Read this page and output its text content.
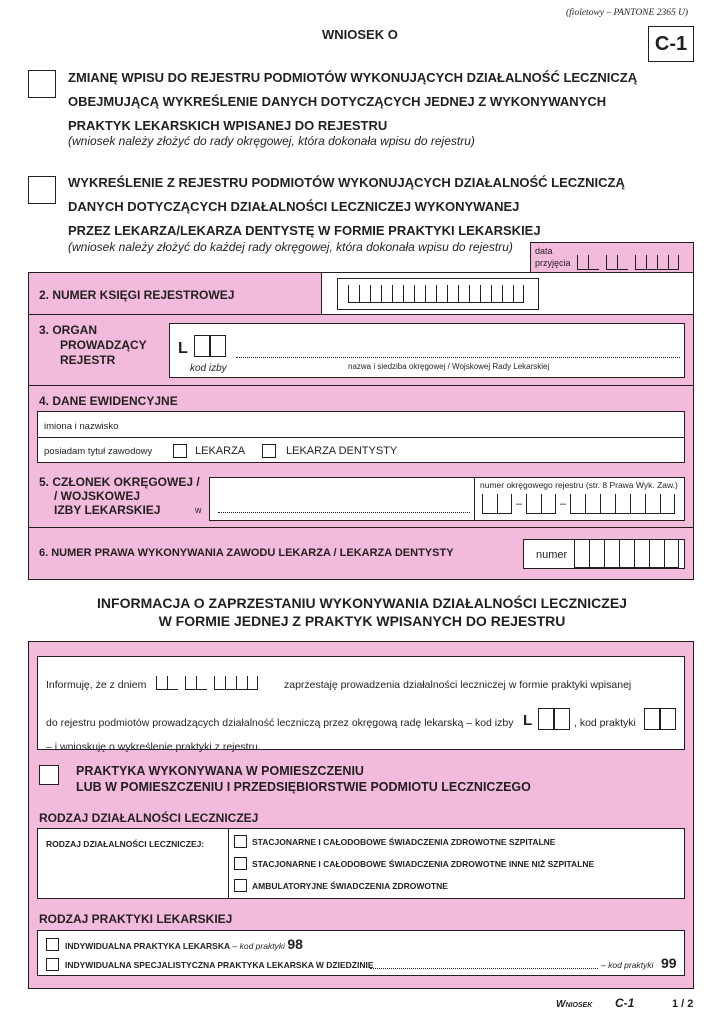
(fioletowy – PANTONE 2365 U)
WNIOSEK O	C-1
ZMIANĘ WPISU DO REJESTRU PODMIOTÓW WYKONUJĄCYCH DZIAŁALNOŚĆ LECZNICZĄ
OBEJMUJĄCĄ WYKREŚLENIE DANYCH DOTYCZĄCYCH JEDNEJ Z WYKONYWANYCH
PRAKTYK LEKARSKICH WPISANEJ DO REJESTRU
(wniosek należy złożyć do rady okręgowej, która dokonała wpisu do rejestru)
WYKREŚLENIE Z REJESTRU PODMIOTÓW WYKONUJĄCYCH DZIAŁALNOŚĆ LECZNICZĄ
DANYCH DOTYCZĄCYCH DZIAŁALNOŚCI LECZNICZEJ WYKONYWANEJ
PRZEZ LEKARZA/LEKARZA DENTYSTĘ W FORMIE PRAKTYKI LEKARSKIEJ
(wniosek należy złożyć do każdej rady okręgowej, która dokonała wpisu do rejestru) data
przyjęcia
2. NUMER KSIĘGI REJESTROWEJ
3. ORGAN
PROWADZĄCY
REJESTR
L
kod izby	nazwa i siedziba okręgowej / Wojskowej Rady Lekarskiej
4. DANE EWIDENCYJNE
imiona i nazwisko
posiadam tytuł zawodowy	LEKARZA	LEKARZA DENTYSTY
5. CZŁONEK OKRĘGOWEJ /
/ WOJSKOWEJ
IZBY LEKARSKIEJ	w
numer okręgowego rejestru (str. 8 Prawa Wyk. Zaw.)
–	–
6. NUMER PRAWA WYKONYWANIA ZAWODU LEKARZA / LEKARZA DENTYSTY	numer
INFORMACJA O ZAPRZESTANIU WYKONYWANIA DZIAŁALNOŚCI LECZNICZEJ
W FORMIE JEDNEJ Z PRAKTYK WPISANYCH DO REJESTRU
Informuję, że z dniem	zaprzestaję prowadzenia działalności leczniczej w formie praktyki wpisanej
do rejestru podmiotów prowadzących działalność leczniczą przez okręgową radę lekarską – kod izby L	, kod praktyki
– i wnioskuję o wykreślenie praktyki z rejestru.
PRAKTYKA WYKONYWANA W POMIESZCZENIU
LUB W POMIESZCZENIU I PRZEDSIĘBIORSTWIE PODMIOTU LECZNICZEGO
RODZAJ DZIAŁALNOŚCI LECZNICZEJ
RODZAJ DZIAŁALNOŚCI LECZNICZEJ:	STACJONARNE I CAŁODOBOWE ŚWIADCZENIA ZDROWOTNE SZPITALNE
STACJONARNE I CAŁODOBOWE ŚWIADCZENIA ZDROWOTNE INNE NIŻ SZPITALNE
AMBULATORYJNE ŚWIADCZENIA ZDROWOTNE
RODZAJ PRAKTYKI LEKARSKIEJ
INDYWIDUALNA PRAKTYKA LEKARSKA – kod praktyki 98
INDYWIDUALNA SPECJALISTYCZNA PRAKTYKA LEKARSKA W DZIEDZINIE	– kod praktyki 99
Wniosek C-1	1 / 2
